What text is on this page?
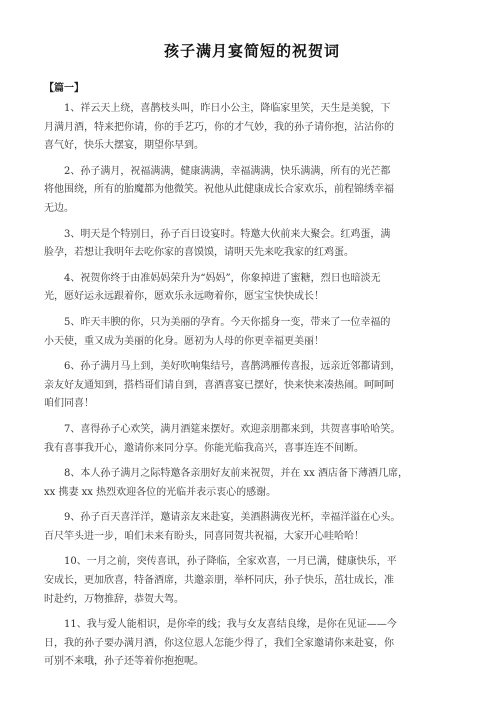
孩子满月宴简短的祝贺词
【篇一】
1、祥云天上绕，喜鹊枝头叫，昨日小公主，降临家里笑，天生是美貌，下
月满月酒，特来把你请，你的手艺巧，你的才气妙，我的孙子请你抱，沾沾你的
喜气好，快乐大摆宴，期望你早到。
2、孙子满月，祝福满满，健康满满，幸福满满，快乐满满，所有的光芒都
将他围绕，所有的胎魔都为他微笑。祝他从此健康成长合家欢乐，前程锦绣幸福
无边。
3、明天是个特别日，孙子百日设宴时。特邀大伙前来大聚会。红鸡蛋，满
脸孕，若想让我明年去吃你家的喜馍馍，请明天先来吃我家的红鸡蛋。
4、祝贺你终于由准妈妈荣升为“妈妈”，你象掉进了蜜糖，烈日也暗淡无
光，愿好运永远跟着你，愿欢乐永远吻着你，愿宝宝快快成长！
5、昨天丰腴的你，只为美丽的孕育。今天你摇身一变，带来了一位幸福的
小天使，重又成为美丽的化身。愿初为人母的你更幸福更美丽！
6、孙子满月马上到，美好吹响集结号，喜鹊鸿雁传喜报，远亲近邻都请到，
亲友好友通知到，搭档哥们请自到，喜酒喜宴已摆好，快来快来凑热闹。呵呵呵
咱们同喜！
7、喜得孙子心欢笑，满月酒筵来摆好。欢迎亲朋都来到，共贺喜事哈哈笑。
我有喜事我开心，邀请你来同分享。你能光临我高兴，喜事连连不间断。
8、本人孙子满月之际特邀各亲朋好友前来祝贺，并在 xx 酒店备下薄酒几席，
xx 携妻 xx 热烈欢迎各位的光临并表示衷心的感谢。
9、孙子百天喜洋洋，邀请亲友来赴宴，美酒斟满夜光杯，幸福洋溢在心头。
百尺竿头进一步，咱们未来有盼头，同喜同贺共祝福，大家开心哇哈哈！
10、一月之前，突传喜讯，孙子降临，全家欢喜，一月已满，健康快乐，平
安成长，更加欣喜，特备酒席，共邀亲朋，举杯同庆，孙子快乐，茁壮成长，准
时赴约，万物推辞，恭贺大驾。
11、我与爱人能相识，是你牵的线；我与女友喜结良缘，是你在见证——今
日，我的孙子要办满月酒，你这位恩人怎能少得了，我们全家邀请你来赴宴，你
可别不来哦，孙子还等着你抱抱呢。
